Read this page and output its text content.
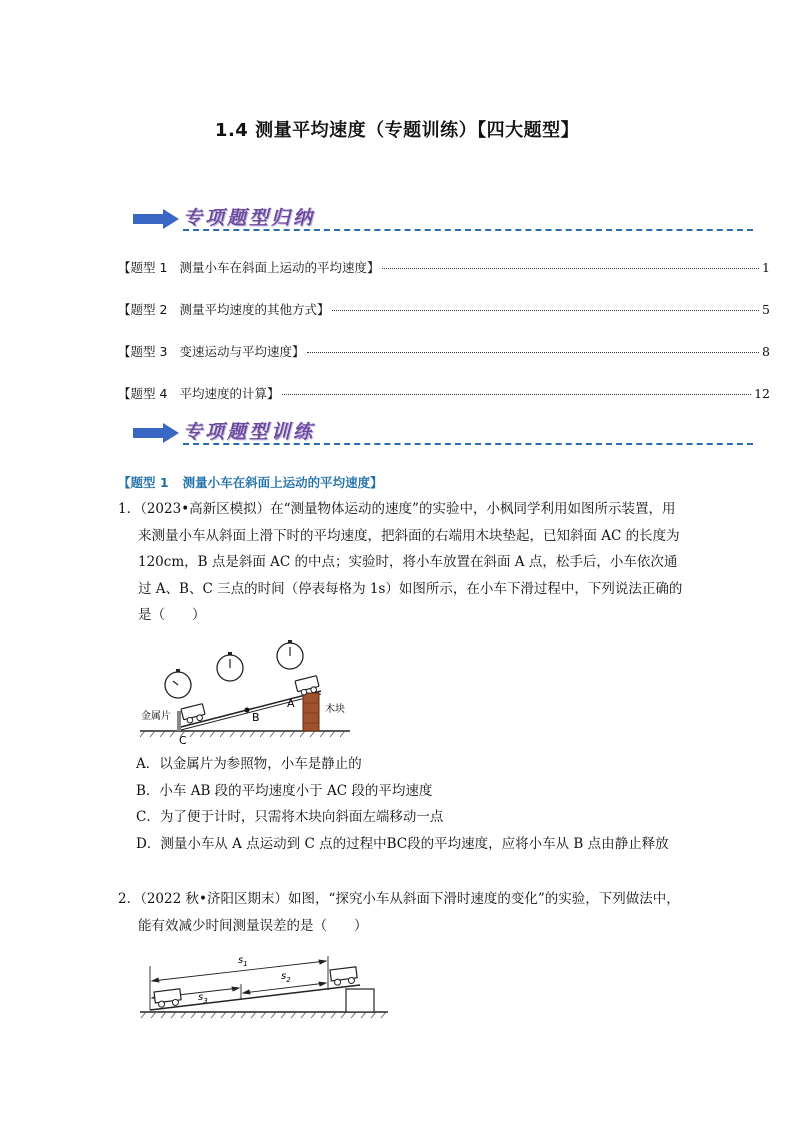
1.4 测量平均速度（专题训练）【四大题型】
专项题型归纳
【题型 1 测量小车在斜面上运动的平均速度】	1
【题型 2 测量平均速度的其他方式】	5
【题型 3 变速运动与平均速度】	8
【题型 4 平均速度的计算】	12
专项题型训练
【题型 1 测量小车在斜面上运动的平均速度】
1．（2023•高新区模拟）在“测量物体运动的速度”的实验中，小枫同学利用如图所示装置，用来测量小车从斜面上滑下时的平均速度，把斜面的右端用木块垫起，已知斜面 AC 的长度为 120cm，B 点是斜面 AC 的中点；实验时，将小车放置在斜面 A 点，松手后，小车依次通过 A、B、C 三点的时间（停表每格为 1s）如图所示，在小车下滑过程中，下列说法正确的是（　　）
金属片
木块
A
B
C
A．以金属片为参照物，小车是静止的
B．小车 AB 段的平均速度小于 AC 段的平均速度
C．为了便于计时，只需将木块向斜面左端移动一点
D．测量小车从 A 点运动到 C 点的过程中BC段的平均速度，应将小车从 B 点由静止释放
2．（2022 秋•济阳区期末）如图，“探究小车从斜面下滑时速度的变化”的实验，下列做法中，能有效减少时间测量误差的是（　　）
$s_1$
$s_2$
$s_3$
